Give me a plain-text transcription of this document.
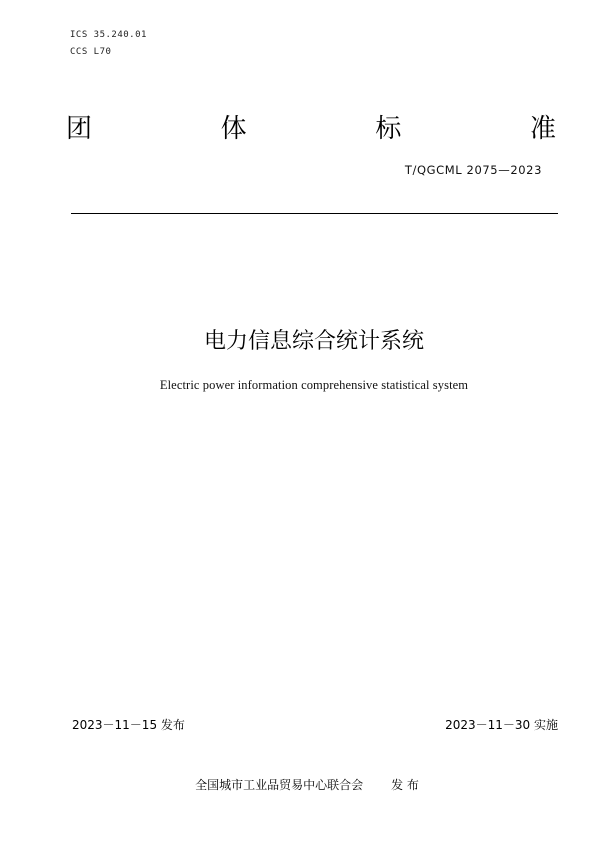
ICS 35.240.01
CCS L70
团	体	标	准
T/QGCML 2075—2023
电力信息综合统计系统
Electric power information comprehensive statistical system
2023－11－15 发布	2023－11－30 实施
全国城市工业品贸易中心联合会 发 布
